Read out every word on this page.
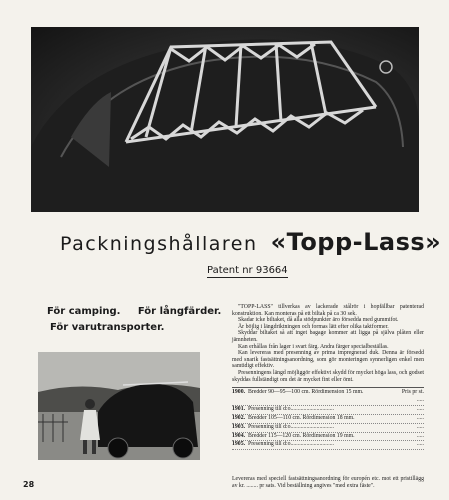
Packningshållaren «Topp-Lass»
Patent nr 93664
För camping.     För långfärder.
För varutransporter.

"TOPP-LASS" tillverkas av lackerade stålrör i hopfällbar patenterad konstruktion. Kan monteras på ett biltak på ca 30 sek.

Skadar icke biltaket, då alla stödpunkter äro försedda med gummifot.

Är böjlig i längdriktningen och formas lätt efter olika taktformer.

Skyddar biltaket så att inget bagage kommer att ligga på själva plåten eller jämnheten.

Kan erhållas från lager i svart färg. Andra färger specialbeställas.

Kan levereras med presenning av prima impregnerad duk. Denna är försedd med snarik fastsättningsanordning, som gör monteringen synnerligen enkel men samtidigt effektiv.

Presenningens längd möjliggör effektivt skydd för mycket höga lass, och godset skyddas fullständigt om det är mycket fint eller ömt.

1900. Bredder 90—95—100 cm. Rördimension 15 mm.	Pris pr st. .....
1901. Presenning till d:o..............................	.....
1902. Bredder 105—110 cm. Rördimension 18 mm.	.....
1903. Presenning till d:o..............................	.....
1904. Bredder 115—120 cm. Rördimension 19 mm.	.....
1905. Presenning till d:o..............................	.....
Levereras med speciell fastsättningsanordning för europén etc. mot ett pristillägg av kr. ........ pr sats. Vid beställning angives "med extra fäste".
28
